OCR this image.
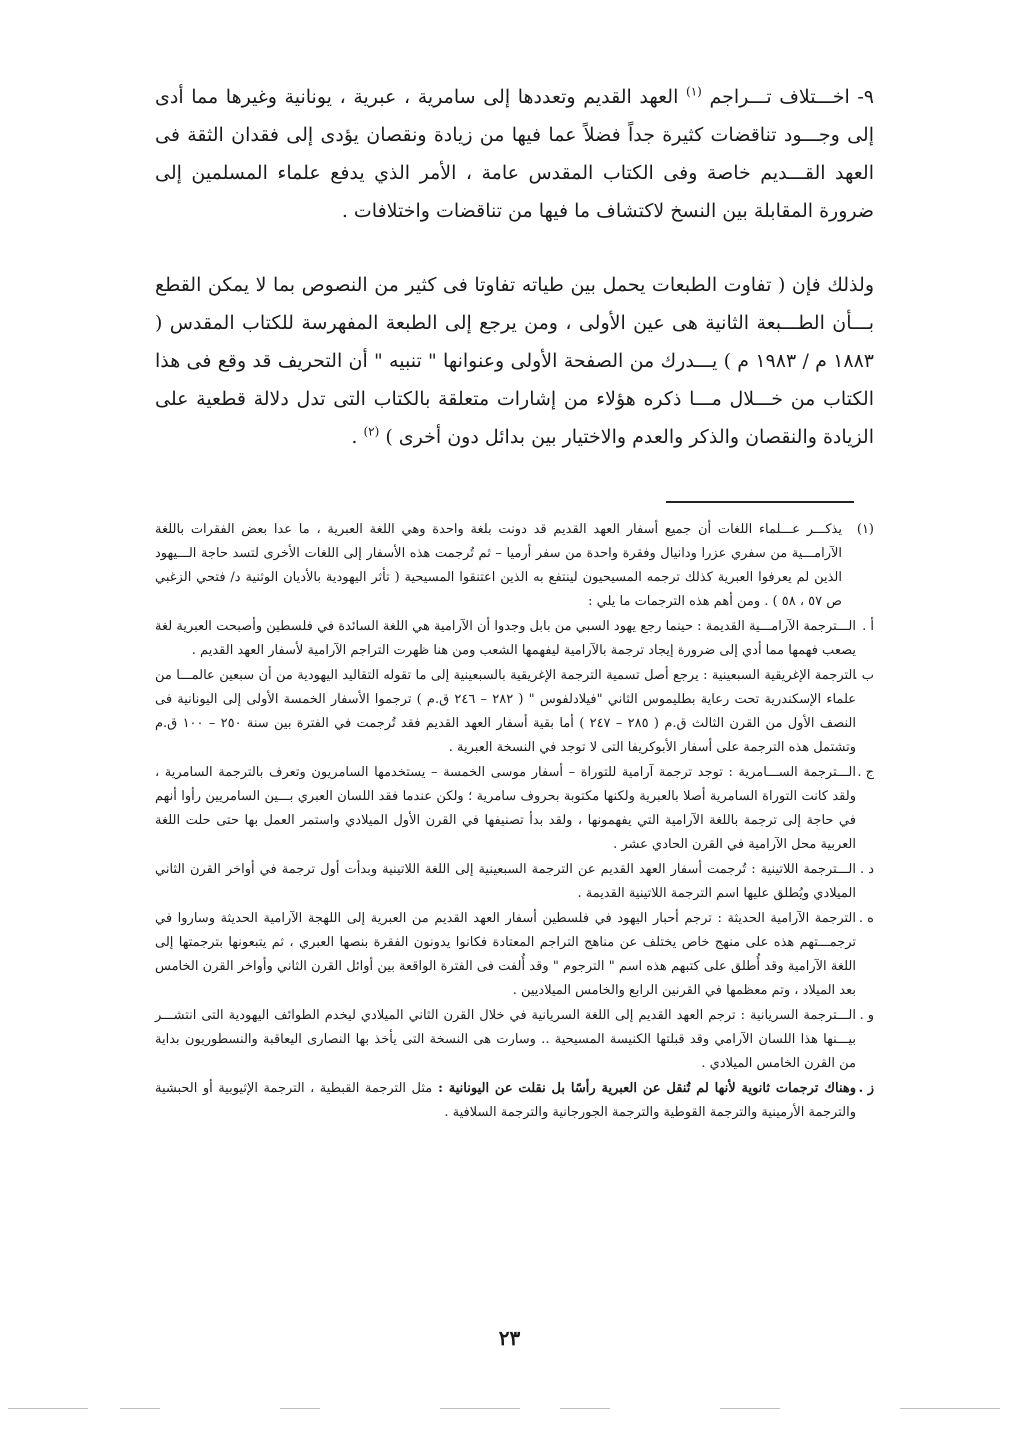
٩- اخـــتلاف تـــراجم $^{(١)}$ العهد القديم وتعددها إلى سامرية ، عبرية ، يونانية وغيرها مما أدى إلى وجـــود تناقضات كثيرة جداً فضلاً عما فيها من زيادة ونقصان يؤدى إلى فقدان الثقة فى العهد القـــديم خاصة وفى الكتاب المقدس عامة ، الأمر الذي يدفع علماء المسلمين إلى ضرورة المقابلة بين النسخ لاكتشاف ما فيها من تناقضات واختلافات .

ولذلك فإن ( تفاوت الطبعات يحمل بين طياته تفاوتا فى كثير من النصوص بما لا يمكن القطع بـــأن الطـــبعة الثانية هى عين الأولى ، ومن يرجع إلى الطبعة المفهرسة للكتاب المقدس ( ١٨٨٣ م / ١٩٨٣ م ) يـــدرك من الصفحة الأولى وعنوانها " تنبيه " أن التحريف قد وقع فى هذا الكتاب من خـــلال مـــا ذكره هؤلاء من إشارات متعلقة بالكتاب التى تدل دلالة قطعية على الزيادة والنقصان والذكر والعدم والاختيار بين بدائل دون أخرى ) $^{(٢)}$ .

(١)
يذكـــر عـــلماء اللغات أن جميع أسفار العهد القديم قد دونت بلغة واحدة وهي اللغة العبرية ، ما عدا بعض الفقرات باللغة الآرامـــية من سفري عزرا ودانيال وفقرة واحدة من سفر أرميا – ثم تُرجمت هذه الأسفار إلى اللغات الأخرى لتسد حاجة الـــيهود الذين لم يعرفوا العبرية كذلك ترجمه المسيحيون لينتفع به الذين اعتنقوا المسيحية ( تأثر اليهودية بالأديان الوثنية د/ فتحي الزغبي ص ٥٧ ، ٥٨ ) . ومن أهم هذه الترجمات ما يلي :

أ .
الـــترجمة الآرامـــية القديمة : حينما رجع يهود السبي من بابل وجدوا أن الآرامية هي اللغة السائدة في فلسطين وأصبحت العبرية لغة يصعب فهمها مما أدي إلى ضرورة إيجاد ترجمة بالآرامية ليفهمها الشعب ومن هنا ظهرت التراجم الآرامية لأسفار العهد القديم .

ب .
الترجمة الإغريقية السبعينية : يرجع أصل تسمية الترجمة الإغريقية بالسبعينية إلى ما تقوله التقاليد اليهودية من أن سبعين عالمـــا من علماء الإسكندرية تحت رعاية بطليموس الثاني "فيلادلفوس " ( ٢٨٢ – ٢٤٦ ق.م ) ترجموا الأسفار الخمسة الأولى إلى اليونانية فى النصف الأول من القرن الثالث ق.م ( ٢٨٥ – ٢٤٧ ) أما بقية أسفار العهد القديم فقد تُرجمت في الفترة بين سنة ٢٥٠ – ١٠٠ ق.م وتشتمل هذه الترجمة على أسفار الأبوكريفا التى لا توجد في النسخة العبرية .

ج .
الـــترجمة الســـامرية : توجد ترجمة آرامية للتوراة – أسفار موسى الخمسة – يستخدمها السامريون وتعرف بالترجمة السامرية ، ولقد كانت التوراة السامرية أصلا بالعبرية ولكنها مكتوبة بحروف سامرية ؛ ولكن عندما فقد اللسان العبري بـــين السامريين رأوا أنهم في حاجة إلى ترجمة باللغة الآرامية التي يفهمونها ، ولقد بدأ تصنيفها في القرن الأول الميلادي واستمر العمل بها حتى حلت اللغة العربية محل الآرامية في القرن الحادي عشر .

د .
الـــترجمة اللاتينية : تُرجمت أسفار العهد القديم عن الترجمة السبعينية إلى اللغة اللاتينية وبدأت أول ترجمة في أواخر القرن الثاني الميلادي ويُطلق عليها اسم الترجمة اللاتينية القديمة .

ه .
الترجمة الآرامية الحديثة : ترجم أحبار اليهود في فلسطين أسفار العهد القديم من العبرية إلى اللهجة الآرامية الحديثة وساروا في ترجمـــتهم هذه على منهج خاص يختلف عن مناهج التراجم المعتادة فكانوا يدونون الفقرة بنصها العبري ، ثم يتبعونها بترجمتها إلى اللغة الآرامية وقد أُطلق على كتبهم هذه اسم " الترجوم " وقد أُلفت فى الفترة الواقعة بين أوائل القرن الثاني وأواخر القرن الخامس بعد الميلاد ، وتم معظمها في القرنين الرابع والخامس الميلاديين .

و .
الـــترجمة السريانية : ترجم العهد القديم إلى اللغة السريانية في خلال القرن الثاني الميلادي ليخدم الطوائف اليهودية التى انتشـــر بيـــنها هذا اللسان الآرامي وقد قبلتها الكنيسة المسيحية .. وسارت هى النسخة التى يأخذ بها النصارى اليعاقبة والنسطوريون بداية من القرن الخامس الميلادي .

ز .
وهناك ترجمات ثانوية لأنها لم تُنقل عن العبرية رأسًا بل نقلت عن اليونانية : مثل الترجمة القبطية ، الترجمة الإثيوبية أو الحبشية والترجمة الأرمينية والترجمة القوطية والترجمة الجورجانية والترجمة السلافية .

٢٣
